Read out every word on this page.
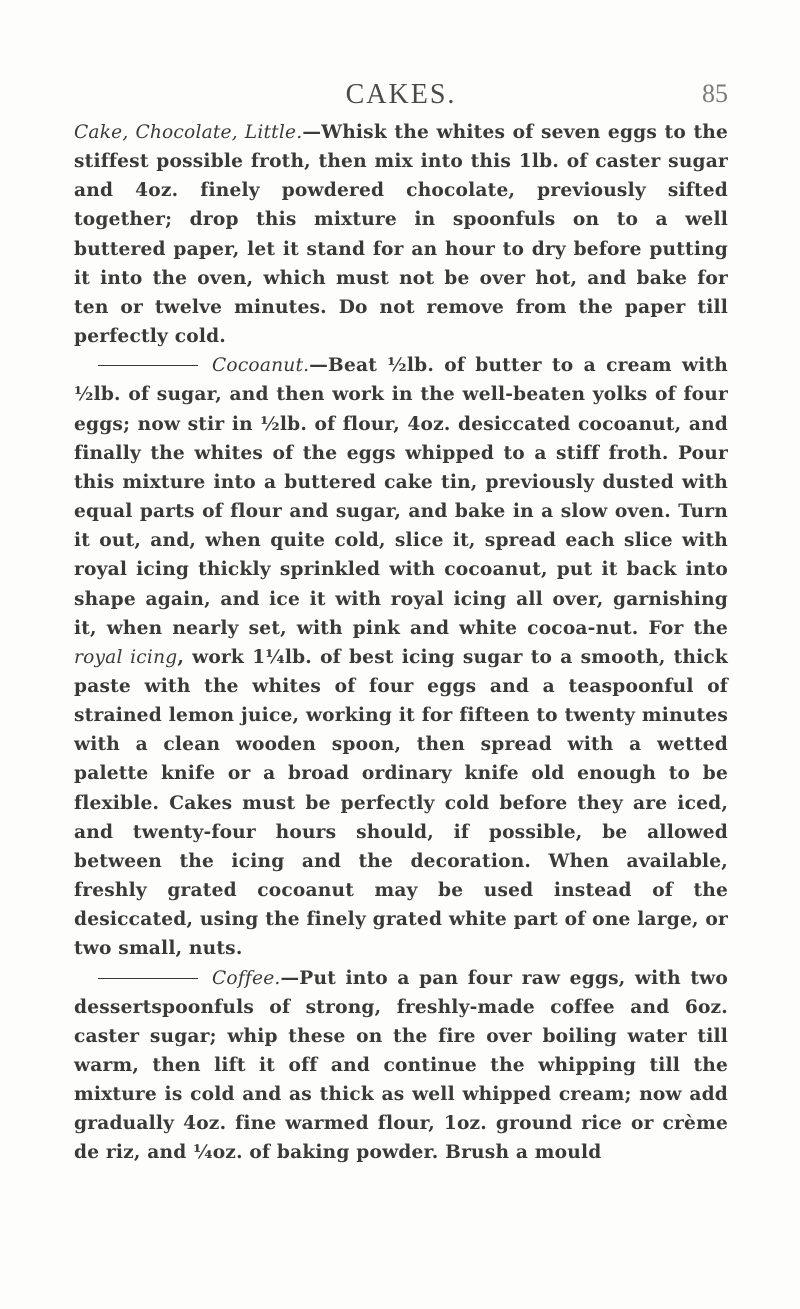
CAKES.	85

Cake, Chocolate, Little.—Whisk the whites of seven eggs to the stiffest possible froth, then mix into this 1lb. of caster sugar and 4oz. finely powdered chocolate, previously sifted together; drop this mixture in spoonfuls on to a well buttered paper, let it stand for an hour to dry before putting it into the oven, which must not be over hot, and bake for ten or twelve minutes. Do not remove from the paper till perfectly cold.

Cocoanut.—Beat ½lb. of butter to a cream with ½lb. of sugar, and then work in the well-beaten yolks of four eggs; now stir in ½lb. of flour, 4oz. desiccated cocoanut, and finally the whites of the eggs whipped to a stiff froth. Pour this mixture into a buttered cake tin, previously dusted with equal parts of flour and sugar, and bake in a slow oven. Turn it out, and, when quite cold, slice it, spread each slice with royal icing thickly sprinkled with cocoanut, put it back into shape again, and ice it with royal icing all over, garnishing it, when nearly set, with pink and white cocoa-nut. For the royal icing, work 1¼lb. of best icing sugar to a smooth, thick paste with the whites of four eggs and a teaspoonful of strained lemon juice, working it for fifteen to twenty minutes with a clean wooden spoon, then spread with a wetted palette knife or a broad ordinary knife old enough to be flexible. Cakes must be perfectly cold before they are iced, and twenty-four hours should, if possible, be allowed between the icing and the decoration. When available, freshly grated cocoanut may be used instead of the desiccated, using the finely grated white part of one large, or two small, nuts.

Coffee.—Put into a pan four raw eggs, with two dessertspoonfuls of strong, freshly-made coffee and 6oz. caster sugar; whip these on the fire over boiling water till warm, then lift it off and continue the whipping till the mixture is cold and as thick as well whipped cream; now add gradually 4oz. fine warmed flour, 1oz. ground rice or crème de riz, and ¼oz. of baking powder. Brush a mould
